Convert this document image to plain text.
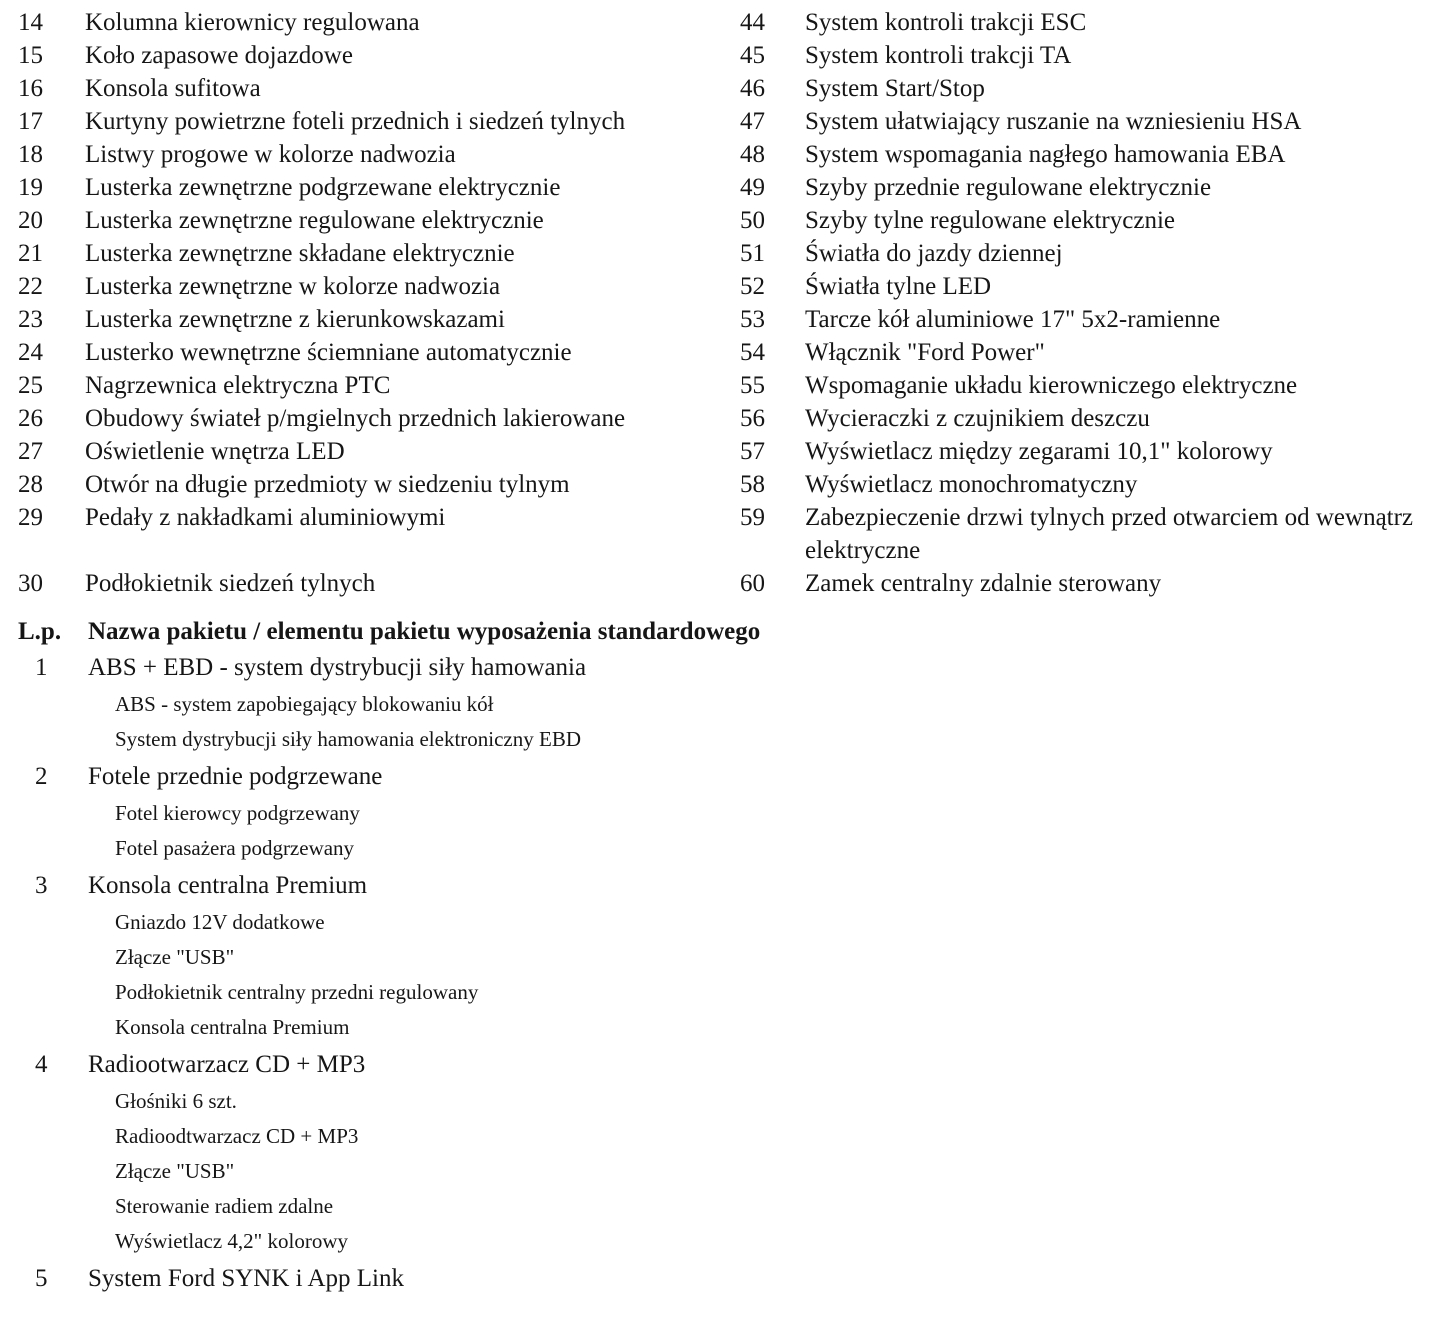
14	Kolumna kierownicy regulowana	44	System kontroli trakcji ESC
15	Koło zapasowe dojazdowe	45	System kontroli trakcji TA
16	Konsola sufitowa	46	System Start/Stop
17	Kurtyny powietrzne foteli przednich i siedzeń tylnych	47	System ułatwiający ruszanie na wzniesieniu HSA
18	Listwy progowe w kolorze nadwozia	48	System wspomagania nagłego hamowania EBA
19	Lusterka zewnętrzne podgrzewane elektrycznie	49	Szyby przednie regulowane elektrycznie
20	Lusterka zewnętrzne regulowane elektrycznie	50	Szyby tylne regulowane elektrycznie
21	Lusterka zewnętrzne składane elektrycznie	51	Światła do jazdy dziennej
22	Lusterka zewnętrzne w kolorze nadwozia	52	Światła tylne LED
23	Lusterka zewnętrzne z kierunkowskazami	53	Tarcze kół aluminiowe 17" 5x2-ramienne
24	Lusterko wewnętrzne ściemniane automatycznie	54	Włącznik "Ford Power"
25	Nagrzewnica elektryczna PTC	55	Wspomaganie układu kierowniczego elektryczne
26	Obudowy świateł p/mgielnych przednich lakierowane	56	Wycieraczki z czujnikiem deszczu
27	Oświetlenie wnętrza LED	57	Wyświetlacz między zegarami 10,1" kolorowy
28	Otwór na długie przedmioty w siedzeniu tylnym	58	Wyświetlacz monochromatyczny
29	Pedały z nakładkami aluminiowymi	59	Zabezpieczenie drzwi tylnych przed otwarciem od wewnątrz elektryczne
30	Podłokietnik siedzeń tylnych	60	Zamek centralny zdalnie sterowany
L.p.	Nazwa pakietu / elementu pakietu wyposażenia standardowego
1	ABS + EBD - system dystrybucji siły hamowania
ABS - system zapobiegający blokowaniu kół
System dystrybucji siły hamowania elektroniczny EBD
2	Fotele przednie podgrzewane
Fotel kierowcy podgrzewany
Fotel pasażera podgrzewany
3	Konsola centralna Premium
Gniazdo 12V dodatkowe
Złącze "USB"
Podłokietnik centralny przedni regulowany
Konsola centralna Premium
4	Radiootwarzacz CD + MP3
Głośniki 6 szt.
Radioodtwarzacz CD + MP3
Złącze "USB"
Sterowanie radiem zdalne
Wyświetlacz 4,2" kolorowy
5	System Ford SYNK i App Link
